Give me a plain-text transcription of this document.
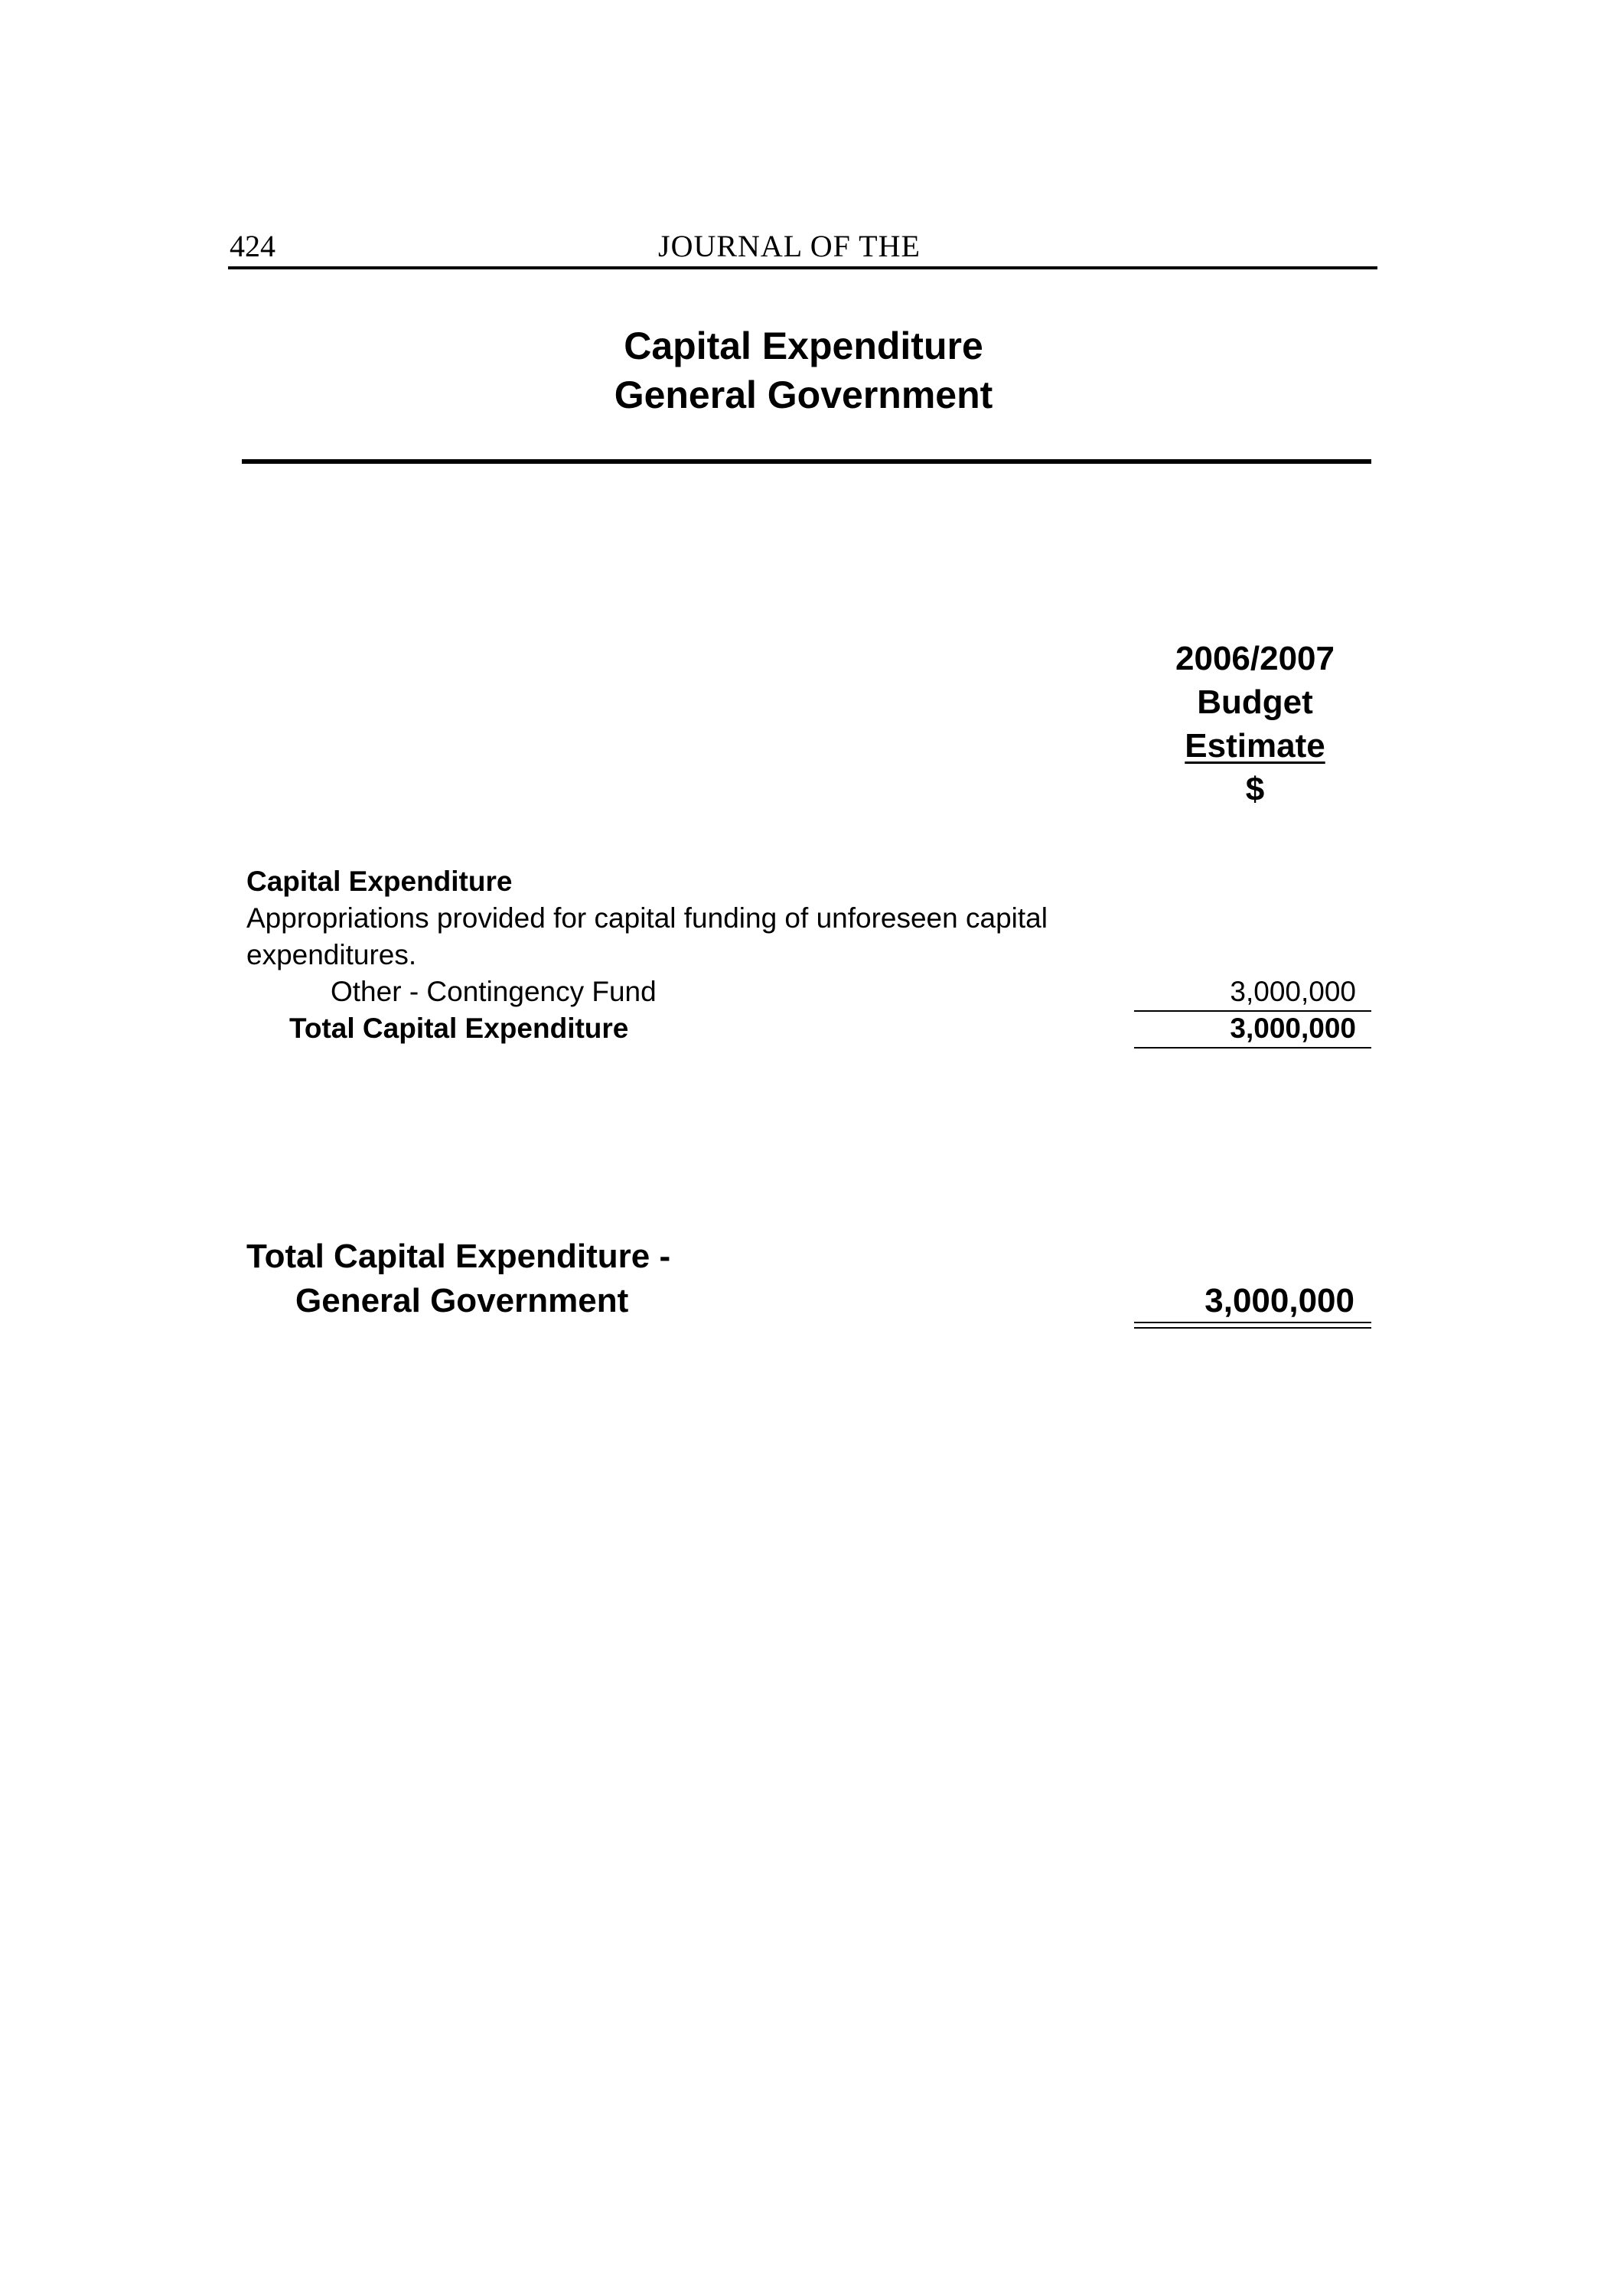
424	JOURNAL OF THE
Capital Expenditure
General Government
2006/2007
Budget
Estimate
$
Capital Expenditure
Appropriations provided for capital funding of unforeseen capital expenditures.
Other - Contingency Fund	3,000,000
Total Capital Expenditure	3,000,000
Total Capital Expenditure -
General Government	3,000,000
